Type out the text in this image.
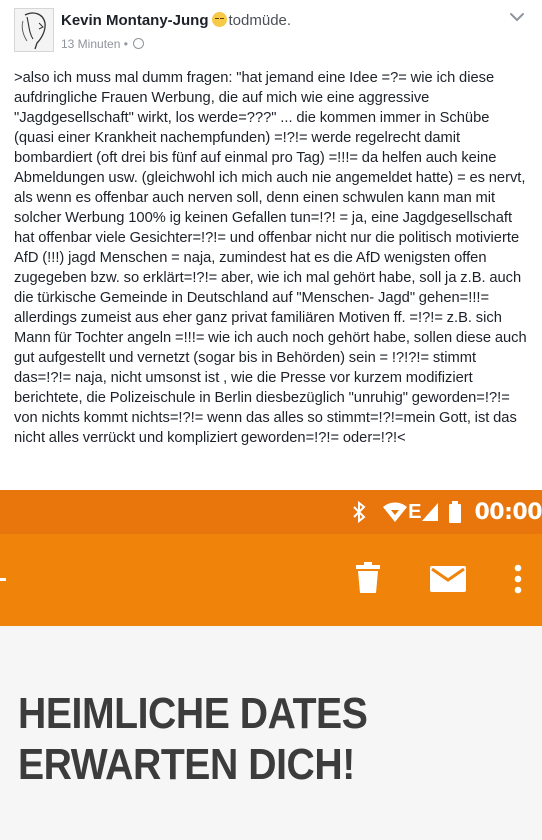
Kevin Montany-Jung todmüde.
13 Minuten •
>also ich muss mal dumm fragen: "hat jemand eine Idee =?= wie ich diese aufdringliche Frauen Werbung, die auf mich wie eine aggressive "Jagdgesellschaft" wirkt, los werde=???" ... die kommen immer in Schübe (quasi einer Krankheit nachempfunden) =!?!= werde regelrecht damit bombardiert (oft drei bis fünf auf einmal pro Tag) =!!!= da helfen auch keine Abmeldungen usw. (gleichwohl ich mich auch nie angemeldet hatte) = es nervt, als wenn es offenbar auch nerven soll, denn einen schwulen kann man mit solcher Werbung 100% ig keinen Gefallen tun=!?! = ja, eine Jagdgesellschaft hat offenbar viele Gesichter=!?!= und offenbar nicht nur die politisch motivierte AfD (!!!) jagd Menschen = naja, zumindest hat es die AfD wenigsten offen zugegeben bzw. so erklärt=!?!= aber, wie ich mal gehört habe, soll ja z.B. auch die türkische Gemeinde in Deutschland auf "Menschen- Jagd" gehen=!!!= allerdings zumeist aus eher ganz privat familiären Motiven ff. =!?!= z.B. sich Mann für Tochter angeln =!!!= wie ich auch noch gehört habe, sollen diese auch gut aufgestellt und vernetzt (sogar bis in Behörden) sein = !?!?!= stimmt das=!?!= naja, nicht umsonst ist , wie die Presse vor kurzem modifiziert berichtete, die Polizeischule in Berlin diesbezüglich "unruhig" geworden=!?!= von nichts kommt nichts=!?!= wenn das alles so stimmt=!?!=mein Gott, ist das nicht alles verrückt und kompliziert geworden=!?!= oder=!?!<
E 00:00
HEIMLICHE DATES
ERWARTEN DICH!
